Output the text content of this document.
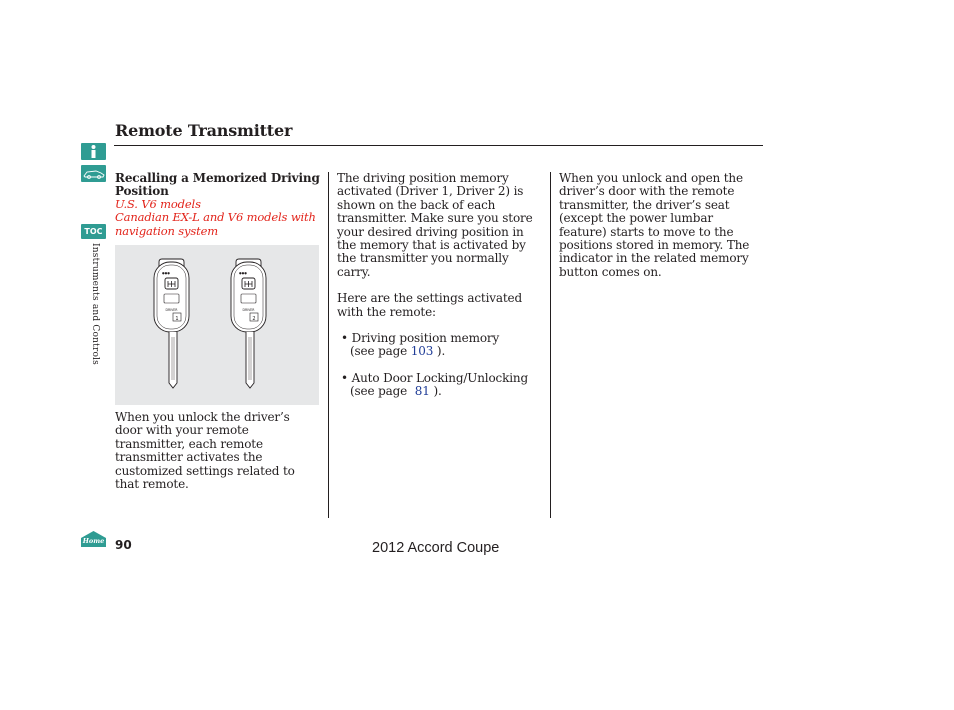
Remote Transmitter
TOC
Instruments and Controls
Home
Recalling a Memorized Driving Position
U.S. V6 models
Canadian EX-L and V6 models with navigation system
●●●
DRIVER
1
●●●
DRIVER
2
When you unlock the driver’s door with your remote transmitter, each remote transmitter activates the customized settings related to that remote.
The driving position memory activated (Driver 1, Driver 2) is shown on the back of each transmitter. Make sure you store your desired driving position in the memory that is activated by the transmitter you normally carry.
Here are the settings activated with the remote:
• Driving position memory
(see page 103 ).
• Auto Door Locking/Unlocking
(see page 81 ).
When you unlock and open the driver’s door with the remote transmitter, the driver’s seat (except the power lumbar feature) starts to move to the positions stored in memory. The indicator in the related memory button comes on.
90	2012 Accord Coupe
